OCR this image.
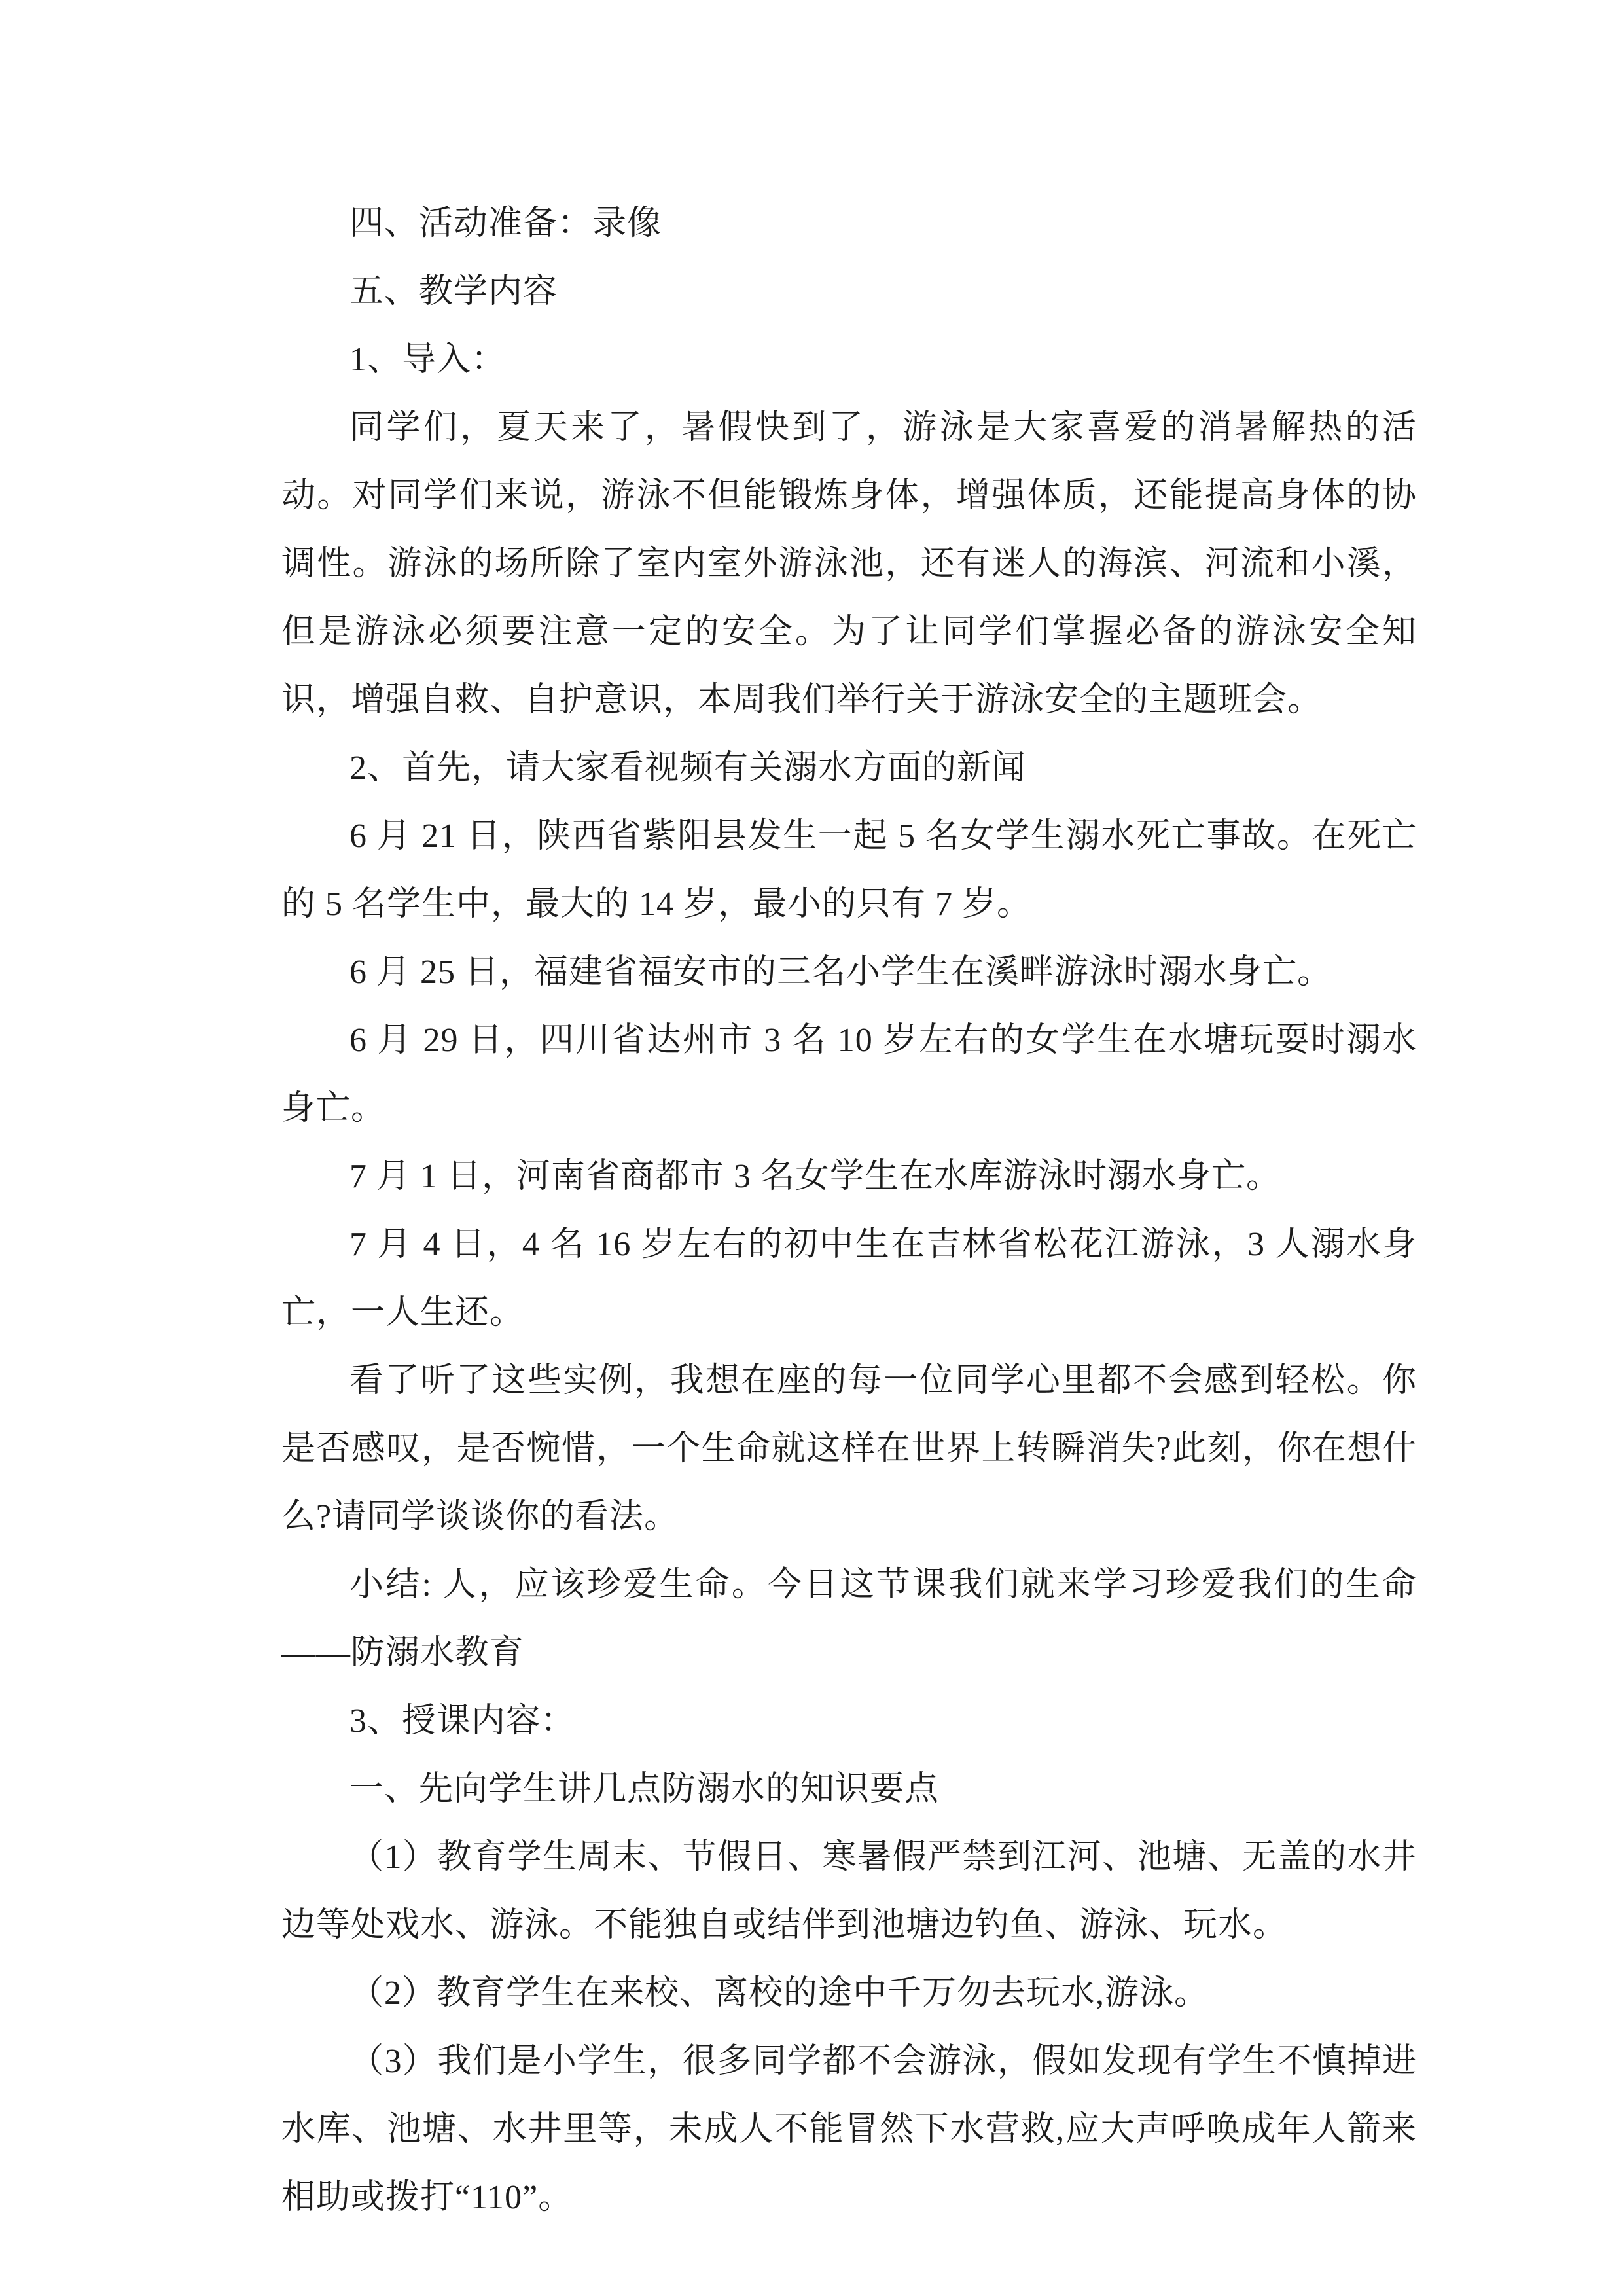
四、活动准备：录像

五、教学内容

1、导入：

同学们，夏天来了，暑假快到了，游泳是大家喜爱的消暑解热的活动。对同学们来说，游泳不但能锻炼身体，增强体质，还能提高身体的协调性。游泳的场所除了室内室外游泳池，还有迷人的海滨、河流和小溪，但是游泳必须要注意一定的安全。为了让同学们掌握必备的游泳安全知识，增强自救、自护意识，本周我们举行关于游泳安全的主题班会。

2、首先，请大家看视频有关溺水方面的新闻

6 月 21 日，陕西省紫阳县发生一起 5 名女学生溺水死亡事故。在死亡的 5 名学生中，最大的 14 岁，最小的只有 7 岁。

6 月 25 日，福建省福安市的三名小学生在溪畔游泳时溺水身亡。

6 月 29 日，四川省达州市 3 名 10 岁左右的女学生在水塘玩耍时溺水身亡。

7 月 1 日，河南省商都市 3 名女学生在水库游泳时溺水身亡。

7 月 4 日，4 名 16 岁左右的初中生在吉林省松花江游泳，3 人溺水身亡，一人生还。

看了听了这些实例，我想在座的每一位同学心里都不会感到轻松。你是否感叹，是否惋惜，一个生命就这样在世界上转瞬消失?此刻，你在想什么?请同学谈谈你的看法。

小结: 人，应该珍爱生命。今日这节课我们就来学习珍爱我们的生命——防溺水教育

3、授课内容：

一、先向学生讲几点防溺水的知识要点

（1）教育学生周末、节假日、寒暑假严禁到江河、池塘、无盖的水井边等处戏水、游泳。不能独自或结伴到池塘边钓鱼、游泳、玩水。

（2）教育学生在来校、离校的途中千万勿去玩水,游泳。

（3）我们是小学生，很多同学都不会游泳，假如发现有学生不慎掉进水库、池塘、水井里等，未成人不能冒然下水营救,应大声呼唤成年人箭来相助或拨打“110”。
